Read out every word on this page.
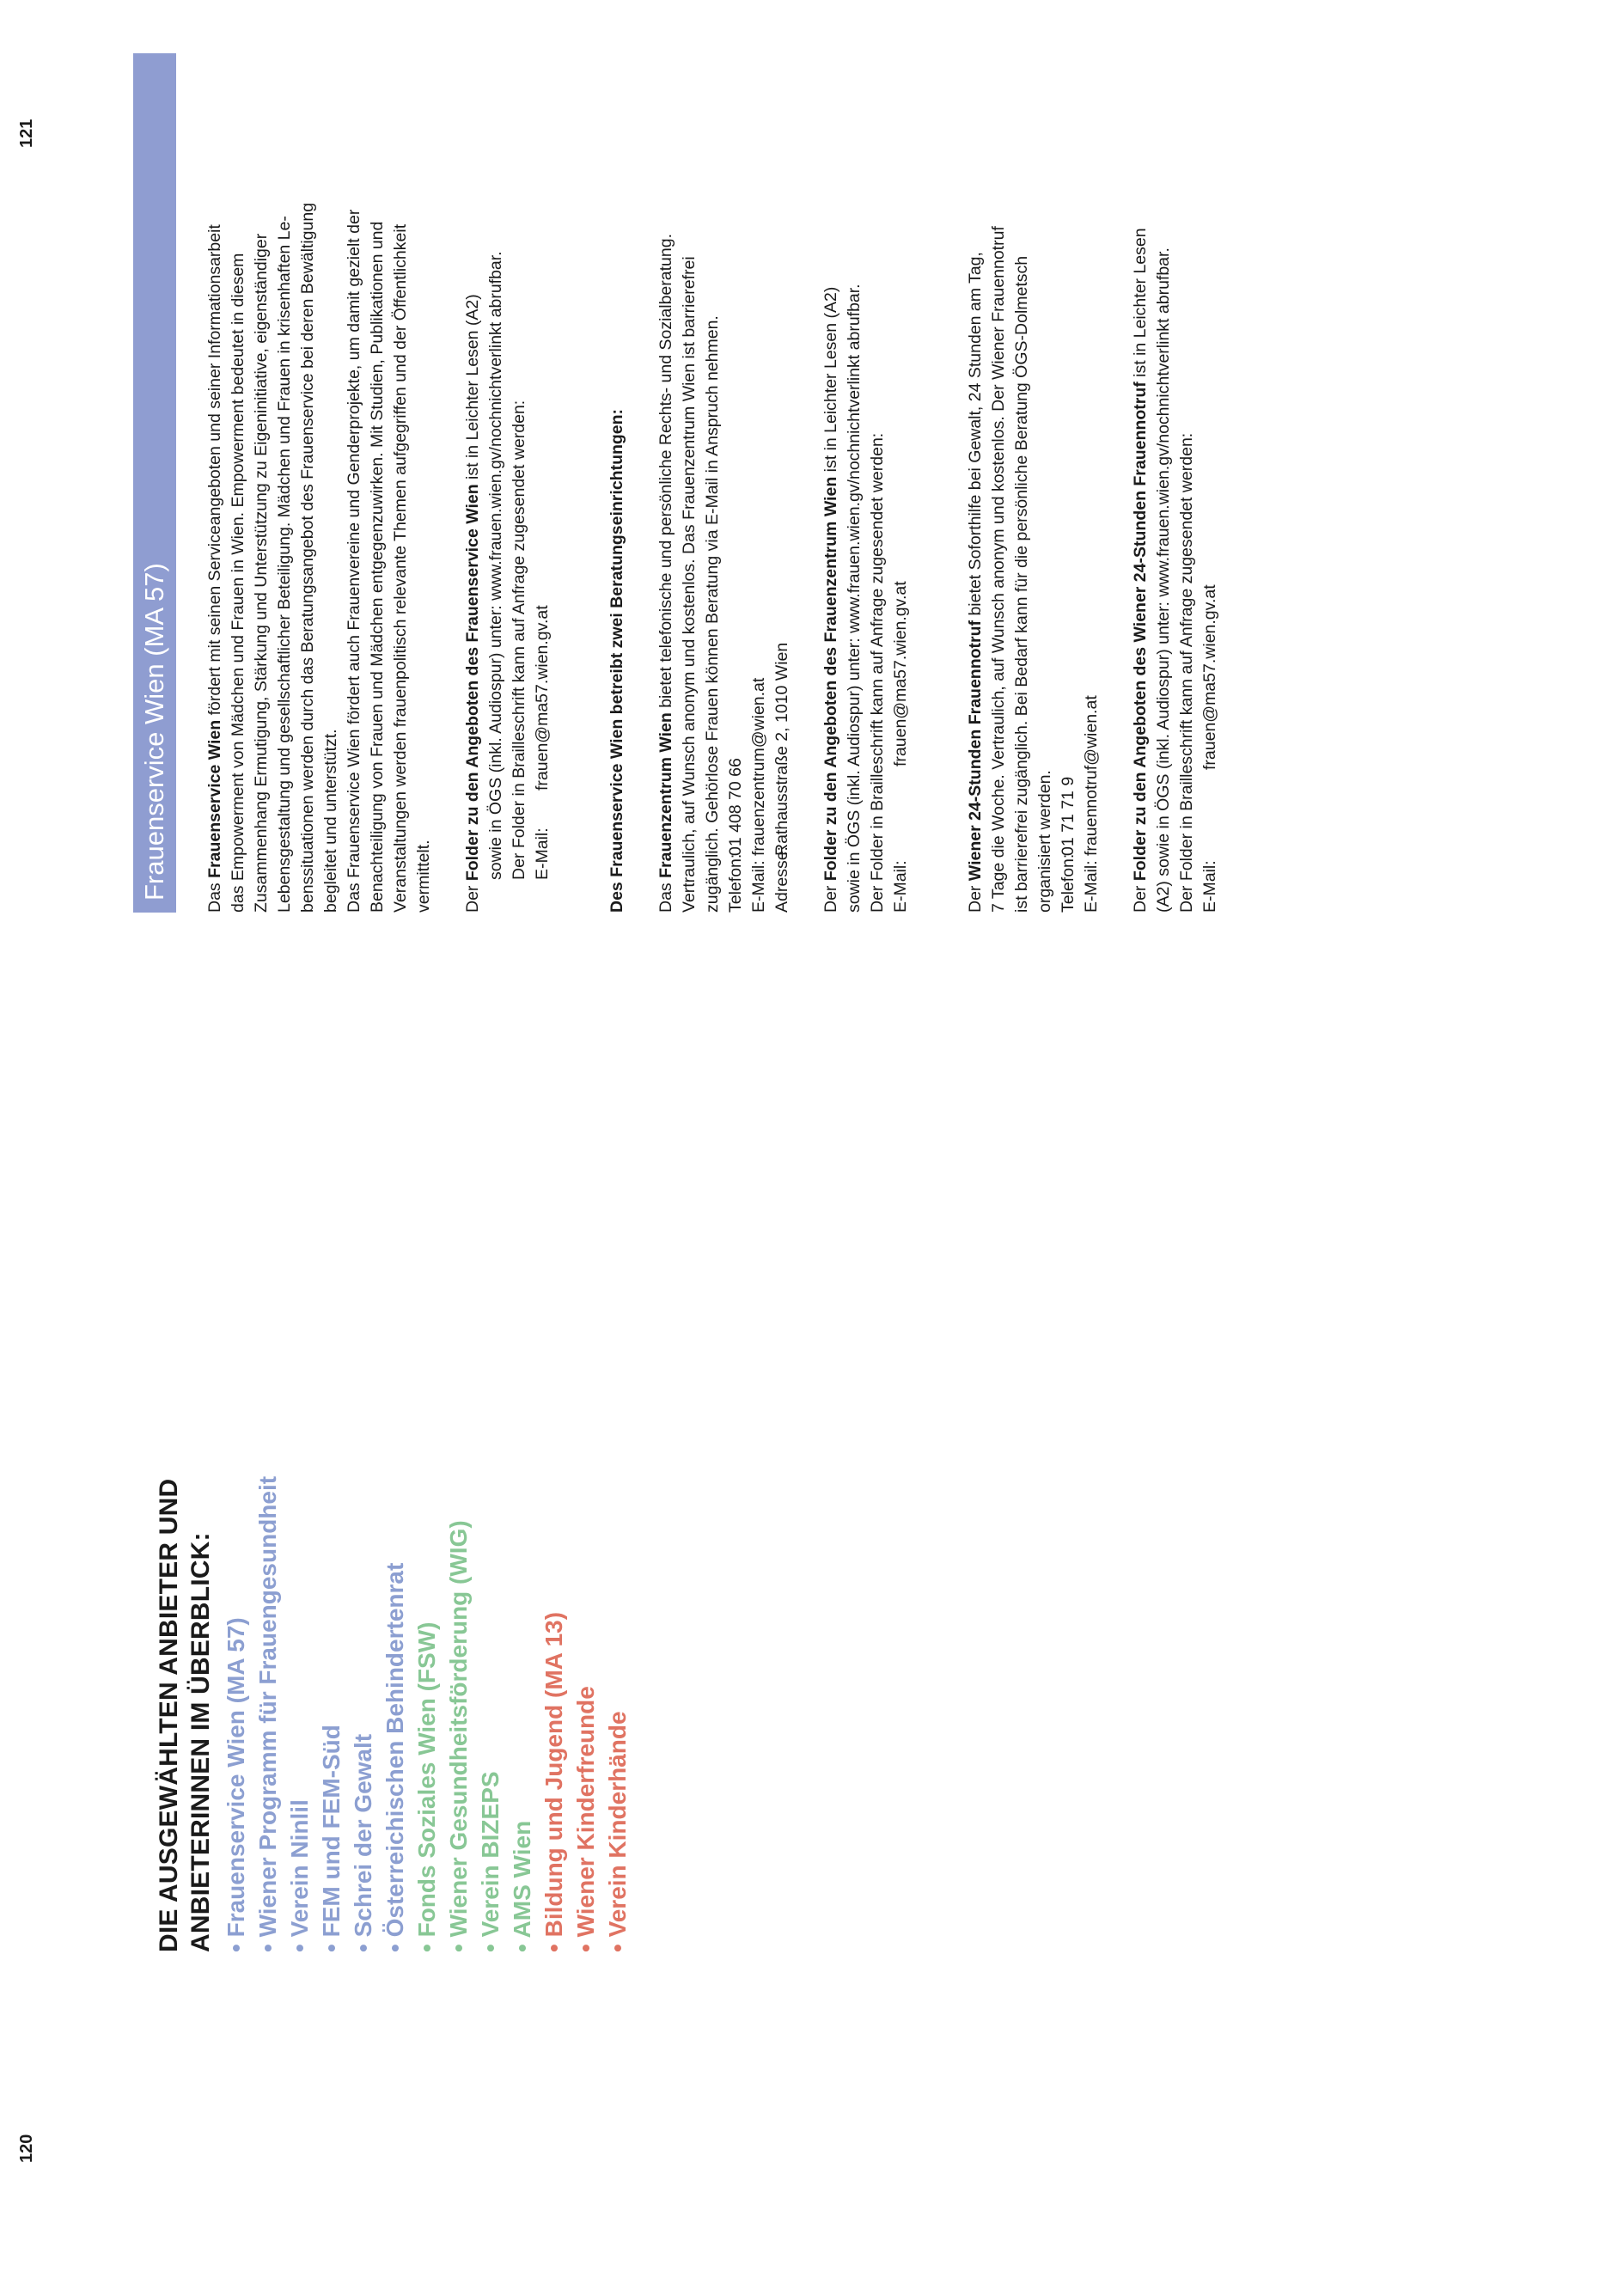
120
121
DIE AUSGEWÄHLTEN ANBIETER UND ANBIETERINNEN IM ÜBERBLICK: • Frauenservice Wien (MA 57) • Wiener Programm für Frauengesundheit • Verein Ninlil • FEM und FEM-Süd • Schrei der Gewalt • Österreichischen Behindertenrat • Fonds Soziales Wien (FSW) • Wiener Gesundheitsförderung (WIG) • Verein BIZEPS • AMS Wien • Bildung und Jugend (MA 13) • Wiener Kinderfreunde • Verein Kinderhände
Frauenservice Wien (MA 57)	Das Frauenservice Wien fördert mit seinen Serviceangeboten und seiner Informationsarbeit das Empowerment von Mädchen und Frauen in Wien. Empowerment bedeutet in diesem Zusammenhang Ermutigung, Stärkung und Unterstützung zu Eigeninitiative, eigenständiger Lebensgestaltung und gesellschaftlicher Beteiligung. Mädchen und Frauen in krisenhaften Le- benssituationen werden durch das Beratungsangebot des Frauenservice bei deren Bewältigung begleitet und unterstützt. Das Frauenservice Wien fördert auch Frauenvereine und Genderprojekte, um damit gezielt der Benachteiligung von Frauen und Mädchen entgegenzuwirken. Mit Studien, Publikationen und Veranstaltungen werden frauenpolitisch relevante Themen aufgegriffen und der Öffentlichkeit vermittelt. Der Folder zu den Angeboten des Frauenservice Wien ist in Leichter Lesen (A2) sowie in ÖGS (inkl. Audiospur) unter: www.frauen.wien.gv/nochnichtverlinkt abrufbar. Der Folder in Brailleschrift kann auf Anfrage zugesendet werden: E-Mail:
frauen@ma57.wien.gv.at	Des Frauenservice Wien betreibt zwei Beratungseinrichtungen: Das Frauenzentrum Wien bietet telefonische und persönliche Rechts- und Sozialberatung. Vertraulich, auf Wunsch anonym und kostenlos. Das Frauenzentrum Wien ist barrierefrei zugänglich. Gehörlose Frauen können Beratung via E-Mail in Anspruch nehmen. Telefon:
01 408 70 66
E-Mail:
frauenzentrum@wien.at
Adresse:
Rathausstraße 2, 1010 Wien

Der Folder zu den Angeboten des Frauenzentrum Wien ist in Leichter Lesen (A2) sowie in ÖGS (inkl. Audiospur) unter: www.frauen.wien.gv/nochnichtverlinkt abrufbar. Der Folder in Brailleschrift kann auf Anfrage zugesendet werden: E-Mail:
frauen@ma57.wien.gv.at

Der Wiener 24-Stunden Frauennotruf bietet Soforthilfe bei Gewalt, 24 Stunden am Tag, 7 Tage die Woche. Vertraulich, auf Wunsch anonym und kostenlos. Der Wiener Frauennotruf ist barrierefrei zugänglich. Bei Bedarf kann für die persönliche Beratung ÖGS-Dolmetsch organisiert werden. Telefon:
01 71 71 9
E-Mail:
frauennotruf@wien.at

Der Folder zu den Angeboten des Wiener 24-Stunden Frauennotruf ist in Leichter Lesen (A2) sowie in ÖGS (inkl. Audiospur) unter: www.frauen.wien.gv/nochnichtverlinkt abrufbar. Der Folder in Brailleschrift kann auf Anfrage zugesendet werden: E-Mail:
frauen@ma57.wien.gv.at
